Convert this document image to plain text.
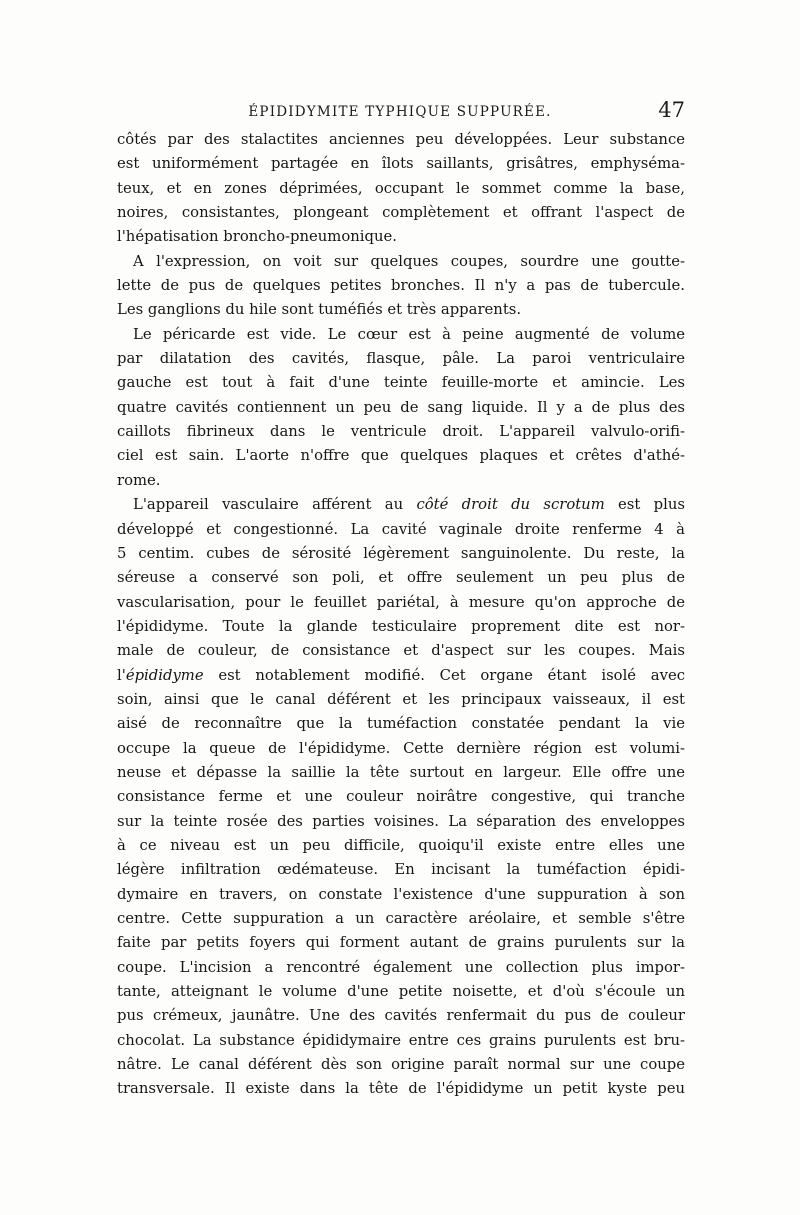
ÉPIDIDYMITE TYPHIQUE SUPPURÉE.	47
côtés par des stalactites anciennes peu développées. Leur substance
est uniformément partagée en îlots saillants, grisâtres, emphyséma-
teux, et en zones déprimées, occupant le sommet comme la base,
noires, consistantes, plongeant complètement et offrant l'aspect de
l'hépatisation broncho-pneumonique.
A l'expression, on voit sur quelques coupes, sourdre une goutte-
lette de pus de quelques petites bronches. Il n'y a pas de tubercule.
Les ganglions du hile sont tuméfiés et très apparents.
Le péricarde est vide. Le cœur est à peine augmenté de volume
par dilatation des cavités, flasque, pâle. La paroi ventriculaire
gauche est tout à fait d'une teinte feuille-morte et amincie. Les
quatre cavités contiennent un peu de sang liquide. Il y a de plus des
caillots fibrineux dans le ventricule droit. L'appareil valvulo-orifi-
ciel est sain. L'aorte n'offre que quelques plaques et crêtes d'athé-
rome.
L'appareil vasculaire afférent au côté droit du scrotum est plus
développé et congestionné. La cavité vaginale droite renferme 4 à
5 centim. cubes de sérosité légèrement sanguinolente. Du reste, la
séreuse a conservé son poli, et offre seulement un peu plus de
vascularisation, pour le feuillet pariétal, à mesure qu'on approche de
l'épididyme. Toute la glande testiculaire proprement dite est nor-
male de couleur, de consistance et d'aspect sur les coupes. Mais
l'épididyme est notablement modifié. Cet organe étant isolé avec
soin, ainsi que le canal déférent et les principaux vaisseaux, il est
aisé de reconnaître que la tuméfaction constatée pendant la vie
occupe la queue de l'épididyme. Cette dernière région est volumi-
neuse et dépasse la saillie la tête surtout en largeur. Elle offre une
consistance ferme et une couleur noirâtre congestive, qui tranche
sur la teinte rosée des parties voisines. La séparation des enveloppes
à ce niveau est un peu difficile, quoiqu'il existe entre elles une
légère infiltration œdémateuse. En incisant la tuméfaction épidi-
dymaire en travers, on constate l'existence d'une suppuration à son
centre. Cette suppuration a un caractère aréolaire, et semble s'être
faite par petits foyers qui forment autant de grains purulents sur la
coupe. L'incision a rencontré également une collection plus impor-
tante, atteignant le volume d'une petite noisette, et d'où s'écoule un
pus crémeux, jaunâtre. Une des cavités renfermait du pus de couleur
chocolat. La substance épididymaire entre ces grains purulents est bru-
nâtre. Le canal déférent dès son origine paraît normal sur une coupe
transversale. Il existe dans la tête de l'épididyme un petit kyste peu
